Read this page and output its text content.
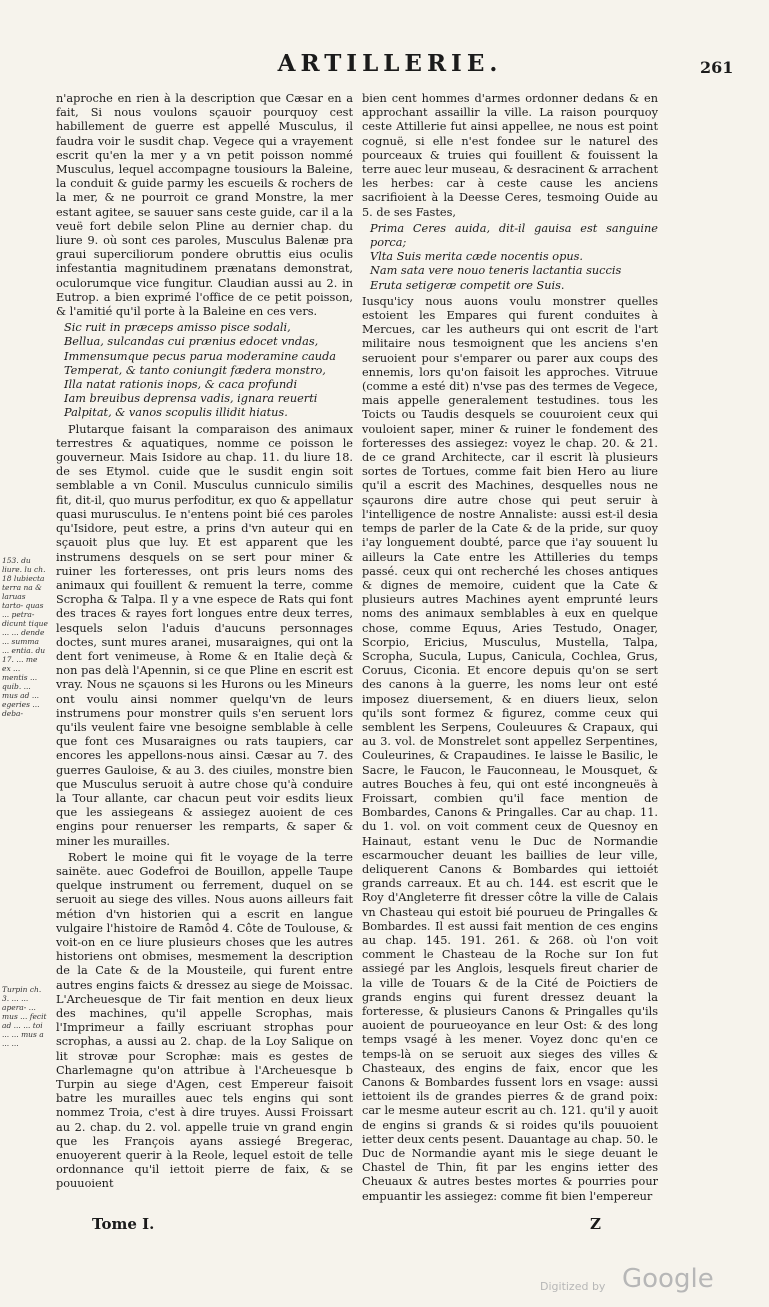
ARTILLERIE.	261
153. du liure. lu ch. 18 lubiecta terra na & laruas tarto- quas ... petra- dicunt tique ... ... dende ... summa ... entia. du 17. ... me ex ... mentis ... quib. ... mus ad ... egeries ... deba-
Turpin ch. 3. ... ... apera- ... mus ... fecit ad ... ... toi ... ... mus a ... ...

n'aproche en rien à la description que Cæsar en a fait, Si nous voulons sçauoir pourquoy cest habillement de guerre est appellé Musculus, il faudra voir le susdit chap. Vegece qui a vrayement escrit qu'en la mer y a vn petit poisson nommé Musculus, lequel accompagne tousiours la Baleine, la conduit & guide parmy les escueils & rochers de la mer, & ne pourroit ce grand Monstre, la mer estant agitee, se sauuer sans ceste guide, car il a la veuë fort debile selon Pline au dernier chap. du liure 9. où sont ces paroles, Musculus Balenæ pra graui superciliorum pondere obruttis eius oculis infestantia magnitudinem prænatans demonstrat, oculorumque vice fungitur. Claudian aussi au 2. in Eutrop. a bien exprimé l'office de ce petit poisson, & l'amitié qu'il porte à la Baleine en ces vers.

Sic ruit in præceps amisso pisce sodali,
Bellua, sulcandas cui prænius edocet vndas,
Immensumque pecus parua moderamine cauda
Temperat, & tanto coniungit fædera monstro,
Illa natat rationis inops, & caca profundi
Iam breuibus deprensa vadis, ignara reuerti
Palpitat, & vanos scopulis illidit hiatus.

Plutarque faisant la comparaison des animaux terrestres & aquatiques, nomme ce poisson le gouverneur. Mais Isidore au chap. 11. du liure 18. de ses Etymol. cuide que le susdit engin soit semblable a vn Conil. Musculus cunniculo similis fit, dit-il, quo murus perfoditur, ex quo & appellatur quasi murusculus. Ie n'entens point bié ces paroles qu'Isidore, peut estre, a prins d'vn auteur qui en sçauoit plus que luy. Et est apparent que les instrumens desquels on se sert pour miner & ruiner les forteresses, ont pris leurs noms des animaux qui fouillent & remuent la terre, comme Scropha & Talpa. Il y a vne espece de Rats qui font des traces & rayes fort longues entre deux terres, lesquels selon l'aduis d'aucuns personnages doctes, sunt mures aranei, musaraignes, qui ont la dent fort venimeuse, à Rome & en Italie deçà & non pas delà l'Apennin, si ce que Pline en escrit est vray. Nous ne sçauons si les Hurons ou les Mineurs ont voulu ainsi nommer quelqu'vn de leurs instrumens pour monstrer quils s'en seruent lors qu'ils veulent faire vne besoigne semblable à celle que font ces Musaraignes ou rats taupiers, car encores les appellons-nous ainsi. Cæsar au 7. des guerres Gauloise, & au 3. des ciuiles, monstre bien que Musculus seruoit à autre chose qu'à conduire la Tour allante, car chacun peut voir esdits lieux que les assiegeans & assiegez auoient de ces engins pour renuerser les remparts, & saper & miner les murailles.

Robert le moine qui fit le voyage de la terre sainëte. auec Godefroi de Bouillon, appelle Taupe quelque instrument ou ferrement, duquel on se seruoit au siege des villes. Nous auons ailleurs fait métion d'vn historien qui a escrit en langue vulgaire l'histoire de Ramôd 4. Côte de Toulouse, & voit-on en ce liure plusieurs choses que les autres historiens ont obmises, mesmement la description de la Cate & de la Mousteile, qui furent entre autres engins faicts & dressez au siege de Moissac. L'Archeuesque de Tir fait mention en deux lieux des machines, qu'il appelle Scrophas, mais l'Imprimeur a failly escriuant strophas pour scrophas, a aussi au 2. chap. de la Loy Salique on lit strovæ pour Scrophæ: mais es gestes de Charlemagne qu'on attribue à l'Archeuesque b Turpin au siege d'Agen, cest Empereur faisoit batre les murailles auec tels engins qui sont nommez Troia, c'est à dire truyes. Aussi Froissart au 2. chap. du 2. vol. appelle truie vn grand engin que les François ayans assiegé Bregerac, enuoyerent querir à la Reole, lequel estoit de telle ordonnance qu'il iettoit pierre de faix, & se pouuoient

bien cent hommes d'armes ordonner dedans & en approchant assaillir la ville. La raison pourquoy ceste Attillerie fut ainsi appellee, ne nous est point cognuë, si elle n'est fondee sur le naturel des pourceaux & truies qui fouillent & fouissent la terre auec leur museau, & desracinent & arrachent les herbes: car à ceste cause les anciens sacrifioient à la Deesse Ceres, tesmoing Ouide au 5. de ses Fastes,

Prima Ceres auida, dit-il gauisa est sanguine porca;
Vlta Suis merita cæde nocentis opus.
Nam sata vere nouo teneris lactantia succis
Eruta setigeræ competit ore Suis.

Iusqu'icy nous auons voulu monstrer quelles estoient les Empares qui furent conduites à Mercues, car les autheurs qui ont escrit de l'art militaire nous tesmoignent que les anciens s'en seruoient pour s'emparer ou parer aux coups des ennemis, lors qu'on faisoit les approches. Vitruue (comme a esté dit) n'vse pas des termes de Vegece, mais appelle generalement testudines. tous les Toicts ou Taudis desquels se couuroient ceux qui vouloient saper, miner & ruiner le fondement des forteresses des assiegez: voyez le chap. 20. & 21. de ce grand Architecte, car il escrit là plusieurs sortes de Tortues, comme fait bien Hero au liure qu'il a escrit des Machines, desquelles nous ne sçaurons dire autre chose qui peut seruir à l'intelligence de nostre Annaliste: aussi est-il desia temps de parler de la Cate & de la pride, sur quoy i'ay longuement doubté, parce que i'ay souuent lu ailleurs la Cate entre les Attilleries du temps passé. ceux qui ont recherché les choses antiques & dignes de memoire, cuident que la Cate & plusieurs autres Machines ayent emprunté leurs noms des animaux semblables à eux en quelque chose, comme Equus, Aries Testudo, Onager, Scorpio, Ericius, Musculus, Mustella, Talpa, Scropha, Sucula, Lupus, Canicula, Cochlea, Grus, Coruus, Ciconia. Et encore depuis qu'on se sert des canons à la guerre, les noms leur ont esté imposez diuersement, & en diuers lieux, selon qu'ils sont formez & figurez, comme ceux qui semblent les Serpens, Couleuures & Crapaux, qui au 3. vol. de Monstrelet sont appellez Serpentines, Couleurines, & Crapaudines. Ie laisse le Basilic, le Sacre, le Faucon, le Fauconneau, le Mousquet, & autres Bouches à feu, qui ont esté incongneuës à Froissart, combien qu'il face mention de Bombardes, Canons & Pringalles. Car au chap. 11. du 1. vol. on voit comment ceux de Quesnoy en Hainaut, estant venu le Duc de Normandie escarmoucher deuant les baillies de leur ville, deliquerent Canons & Bombardes qui iettoiét grands carreaux. Et au ch. 144. est escrit que le Roy d'Angleterre fit dresser côtre la ville de Calais vn Chasteau qui estoit bié pourueu de Pringalles & Bombardes. Il est aussi fait mention de ces engins au chap. 145. 191. 261. & 268. où l'on voit comment le Chasteau de la Roche sur Ion fut assiegé par les Anglois, lesquels fireut charier de la ville de Touars & de la Cité de Poictiers de grands engins qui furent dressez deuant la forteresse, & plusieurs Canons & Pringalles qu'ils auoient de pourueoyance en leur Ost: & des long temps vsagé à les mener. Voyez donc qu'en ce temps-là on se seruoit aux sieges des villes & Chasteaux, des engins de faix, encor que les Canons & Bombardes fussent lors en vsage: aussi iettoient ils de grandes pierres & de grand poix: car le mesme auteur escrit au ch. 121. qu'il y auoit de engins si grands & si roides qu'ils pouuoient ietter deux cents pesent. Dauantage au chap. 50. le Duc de Normandie ayant mis le siege deuant le Chastel de Thin, fit par les engins ietter des Cheuaux & autres bestes mortes & pourries pour empuantir les assiegez: comme fit bien l'empereur

Tome I.	Z
Digitized by Google
